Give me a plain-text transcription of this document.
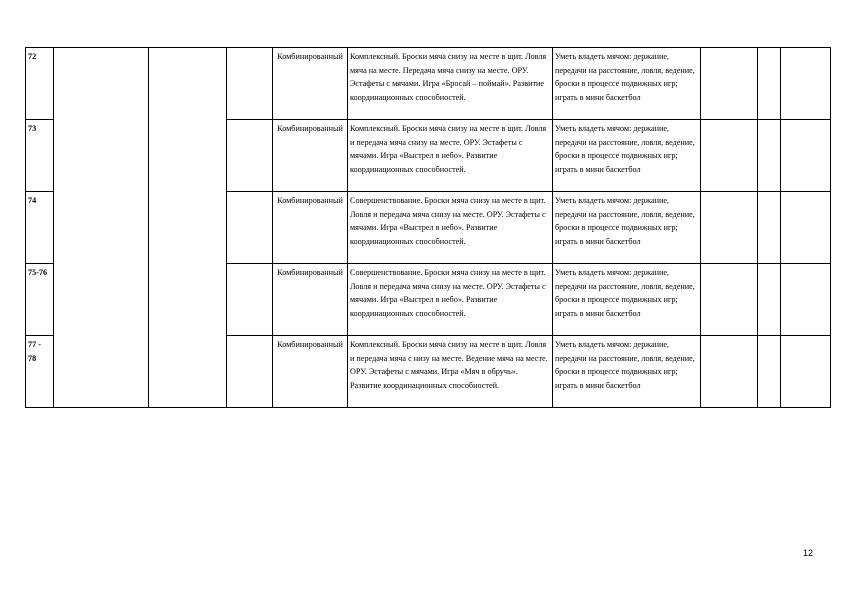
72				Комбинированный	Комплексный. Броски мяча снизу на месте в щит. Ловля мяча на месте. Передача мяча снизу на месте. ОРУ. Эстафеты с мячами. Игра «Бросай – поймай». Развитие координационных способностей.	Уметь владеть мячом: держание, передачи на расстояние, ловля, ведение, броски в процессе подвижных игр; играть в мини баскетбол			
73				Комбинированный	Комплексный. Броски мяча снизу на месте в щит. Ловля и передача мяча снизу на месте. ОРУ. Эстафеты с мячами. Игра «Выстрел в небо». Развитие координационных способностей.	Уметь владеть мячом: держание, передачи на расстояние, ловля, ведение, броски в процессе подвижных игр; играть в мини баскетбол			
74				Комбинированный	Совершенствование. Броски мяча снизу на месте в щит. Ловля и передача мяча снизу на месте. ОРУ. Эстафеты с мячами. Игра «Выстрел в небо». Развитие координационных способностей.	Уметь владеть мячом: держание, передачи на расстояние, ловля, ведение, броски в процессе подвижных игр; играть в мини баскетбол			
75-76				Комбинированный	Совершенствование. Броски мяча снизу на месте в щит. Ловля и передача мяча снизу на месте. ОРУ. Эстафеты с мячами. Игра «Выстрел в небо». Развитие координационных способностей.	Уметь владеть мячом: держание, передачи на расстояние, ловля, ведение, броски в процессе подвижных игр; играть в мини баскетбол			
77 - 78				Комбинированный	Комплексный. Броски мяча снизу на месте в щит. Ловля и передача мяча с низу на месте. Ведение мяча на месте. ОРУ. Эстафеты с мячами. Игра «Мяч в обручь». Развитие координационных способностей.	Уметь владеть мячом: держание, передачи на расстояние, ловля, ведение, броски в процессе подвижных игр; играть в мини баскетбол			
12
